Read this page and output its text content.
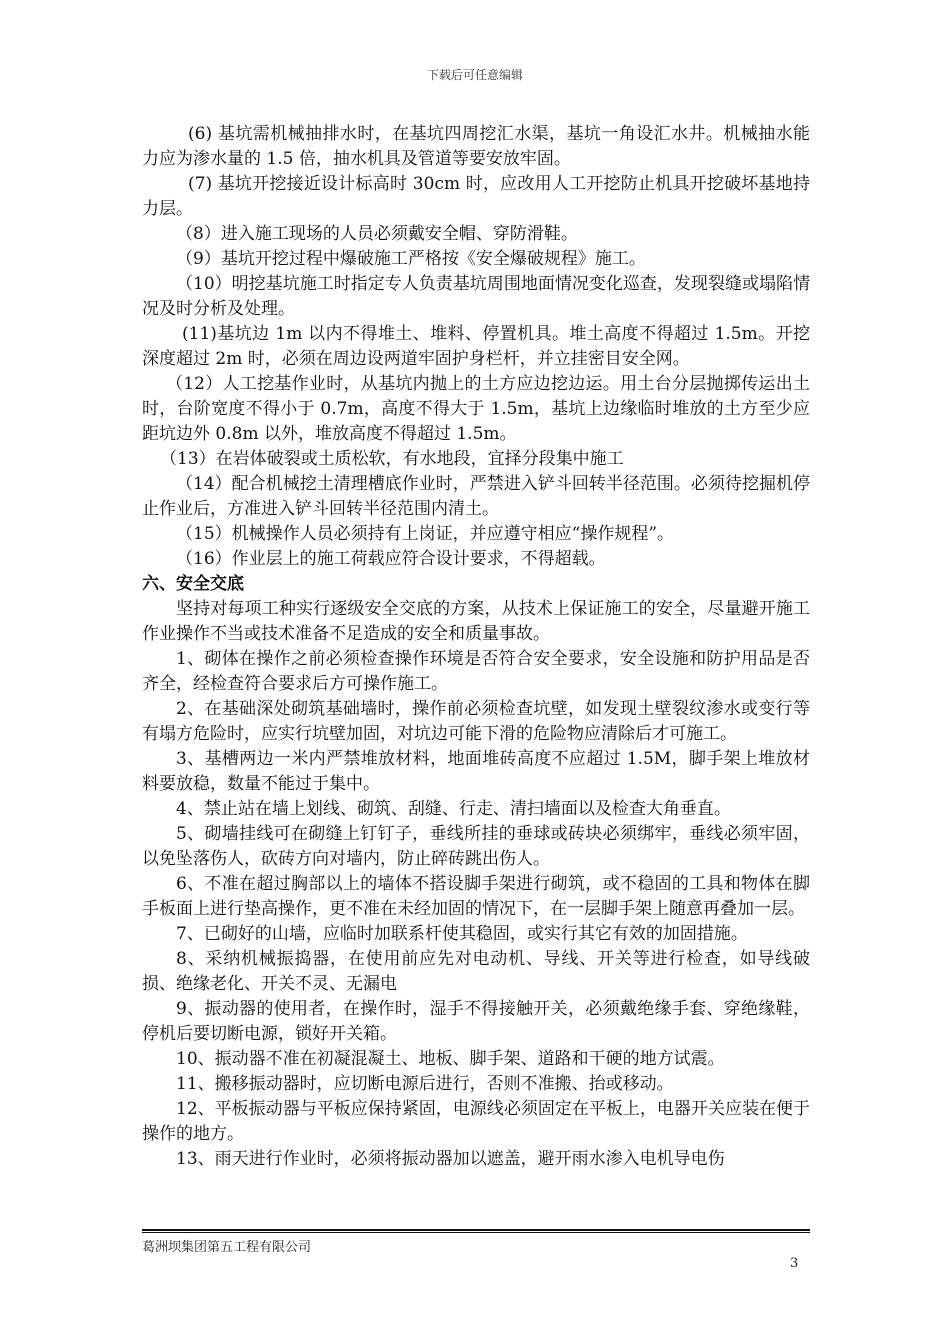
下载后可任意编辑

(6) 基坑需机械抽排水时，在基坑四周挖汇水渠，基坑一角设汇水井。机械抽水能力应为渗水量的 1.5 倍，抽水机具及管道等要安放牢固。

(7) 基坑开挖接近设计标高时 30cm 时，应改用人工开挖防止机具开挖破坏基地持力层。

（8）进入施工现场的人员必须戴安全帽、穿防滑鞋。

（9）基坑开挖过程中爆破施工严格按《安全爆破规程》施工。

（10）明挖基坑施工时指定专人负责基坑周围地面情况变化巡查，发现裂缝或塌陷情况及时分析及处理。

(11)基坑边 1m 以内不得堆土、堆料、停置机具。堆土高度不得超过 1.5m。开挖深度超过 2m 时，必须在周边设两道牢固护身栏杆，并立挂密目安全网。

（12）人工挖基作业时，从基坑内抛上的土方应边挖边运。用土台分层抛掷传运出土时，台阶宽度不得小于 0.7m，高度不得大于 1.5m，基坑上边缘临时堆放的土方至少应距坑边外 0.8m 以外，堆放高度不得超过 1.5m。

（13）在岩体破裂或土质松软，有水地段，宜择分段集中施工

（14）配合机械挖土清理槽底作业时，严禁进入铲斗回转半径范围。必须待挖掘机停止作业后，方准进入铲斗回转半径范围内清土。

（15）机械操作人员必须持有上岗证，并应遵守相应“操作规程”。

（16）作业层上的施工荷载应符合设计要求，不得超载。

六、安全交底

坚持对每项工种实行逐级安全交底的方案，从技术上保证施工的安全，尽量避开施工作业操作不当或技术准备不足造成的安全和质量事故。

1、砌体在操作之前必须检查操作环境是否符合安全要求，安全设施和防护用品是否齐全，经检查符合要求后方可操作施工。

2、在基础深处砌筑基础墙时，操作前必须检查坑壁，如发现土壁裂纹渗水或变行等有塌方危险时，应实行坑壁加固，对坑边可能下滑的危险物应清除后才可施工。

3、基槽两边一米内严禁堆放材料，地面堆砖高度不应超过 1.5M，脚手架上堆放材料要放稳，数量不能过于集中。

4、禁止站在墙上划线、砌筑、刮缝、行走、清扫墙面以及检查大角垂直。

5、砌墙挂线可在砌缝上钉钉子，垂线所挂的垂球或砖块必须绑牢，垂线必须牢固，以免坠落伤人，砍砖方向对墙内，防止碎砖跳出伤人。

6、不准在超过胸部以上的墙体不搭设脚手架进行砌筑，或不稳固的工具和物体在脚手板面上进行垫高操作，更不准在未经加固的情况下，在一层脚手架上随意再叠加一层。

7、已砌好的山墙，应临时加联系杆使其稳固，或实行其它有效的加固措施。

8、采纳机械振捣器，在使用前应先对电动机、导线、开关等进行检查，如导线破损、绝缘老化、开关不灵、无漏电

9、振动器的使用者，在操作时，湿手不得接触开关，必须戴绝缘手套、穿绝缘鞋，停机后要切断电源，锁好开关箱。

10、振动器不准在初凝混凝土、地板、脚手架、道路和干硬的地方试震。

11、搬移振动器时，应切断电源后进行，否则不准搬、抬或移动。

12、平板振动器与平板应保持紧固，电源线必须固定在平板上，电器开关应装在便于操作的地方。

13、雨天进行作业时，必须将振动器加以遮盖，避开雨水渗入电机导电伤

葛洲坝集团第五工程有限公司
3
